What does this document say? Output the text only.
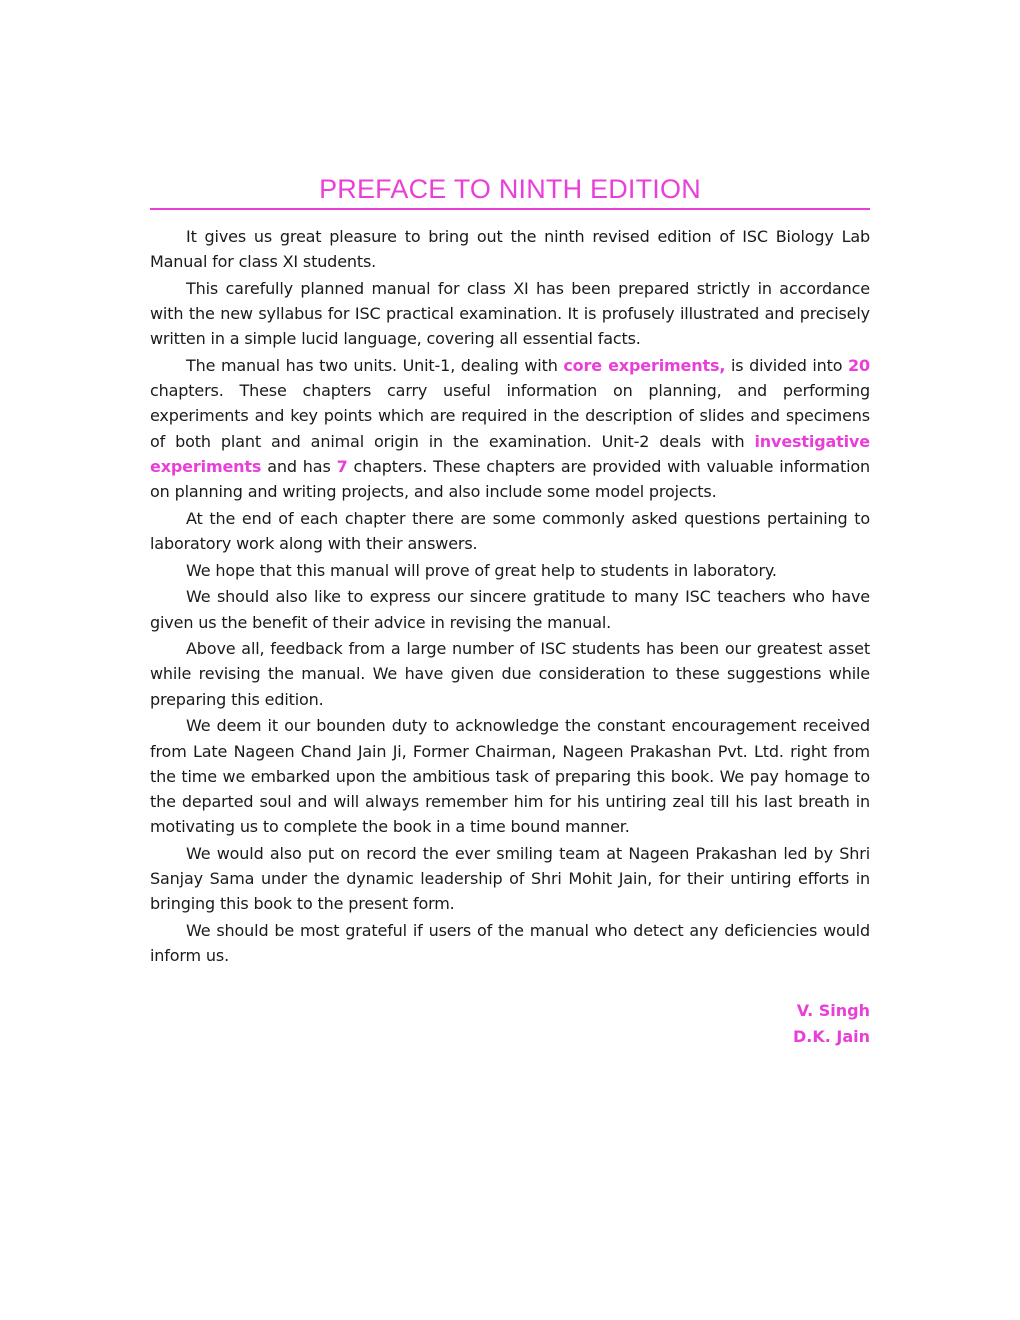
PREFACE TO NINTH EDITION

It gives us great pleasure to bring out the ninth revised edition of ISC Biology Lab Manual for class XI students.

This carefully planned manual for class XI has been prepared strictly in accordance with the new syllabus for ISC practical examination. It is profusely illustrated and precisely written in a simple lucid language, covering all essential facts.

The manual has two units. Unit-1, dealing with core experiments, is divided into 20 chapters. These chapters carry useful information on planning, and performing experiments and key points which are required in the description of slides and specimens of both plant and animal origin in the examination. Unit-2 deals with investigative experiments and has 7 chapters. These chapters are provided with valuable information on planning and writing projects, and also include some model projects.

At the end of each chapter there are some commonly asked questions pertaining to laboratory work along with their answers.

We hope that this manual will prove of great help to students in laboratory.

We should also like to express our sincere gratitude to many ISC teachers who have given us the benefit of their advice in revising the manual.

Above all, feedback from a large number of ISC students has been our greatest asset while revising the manual. We have given due consideration to these suggestions while preparing this edition.

We deem it our bounden duty to acknowledge the constant encouragement received from Late Nageen Chand Jain Ji, Former Chairman, Nageen Prakashan Pvt. Ltd. right from the time we embarked upon the ambitious task of preparing this book. We pay homage to the departed soul and will always remember him for his untiring zeal till his last breath in motivating us to complete the book in a time bound manner.

We would also put on record the ever smiling team at Nageen Prakashan led by Shri Sanjay Sama under the dynamic leadership of Shri Mohit Jain, for their untiring efforts in bringing this book to the present form.

We should be most grateful if users of the manual who detect any deficiencies would inform us.

V. Singh
D.K. Jain
